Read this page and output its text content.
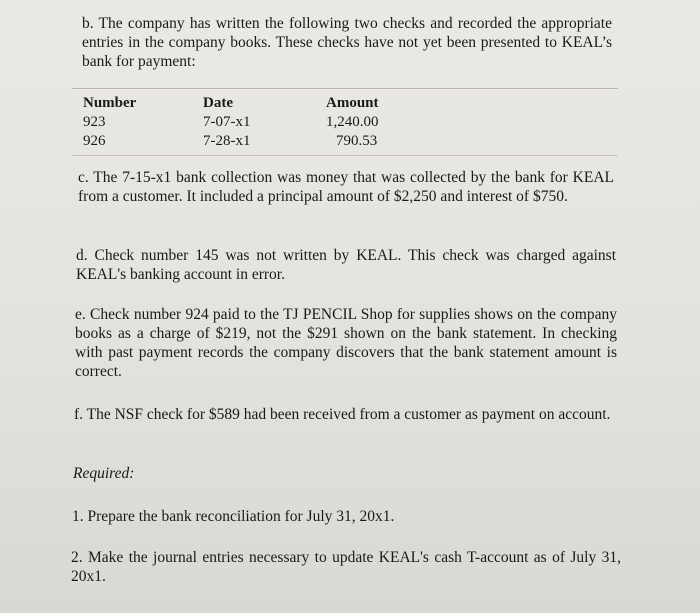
b. The company has written the following two checks and recorded the appropriate entries in the company books. These checks have not yet been presented to KEAL’s bank for payment:
Number	Date	Amount
923	7-07-x1	1,240.00
926	7-28-x1	790.53
c. The 7-15-x1 bank collection was money that was collected by the bank for KEAL from a customer. It included a principal amount of $2,250 and interest of $750.
d. Check number 145 was not written by KEAL. This check was charged against KEAL's banking account in error.
e. Check number 924 paid to the TJ PENCIL Shop for supplies shows on the company books as a charge of $219, not the $291 shown on the bank statement. In checking with past payment records the company discovers that the bank statement amount is correct.
f. The NSF check for $589 had been received from a customer as payment on account.
Required:
1. Prepare the bank reconciliation for July 31, 20x1.
2. Make the journal entries necessary to update KEAL's cash T-account as of July 31, 20x1.
